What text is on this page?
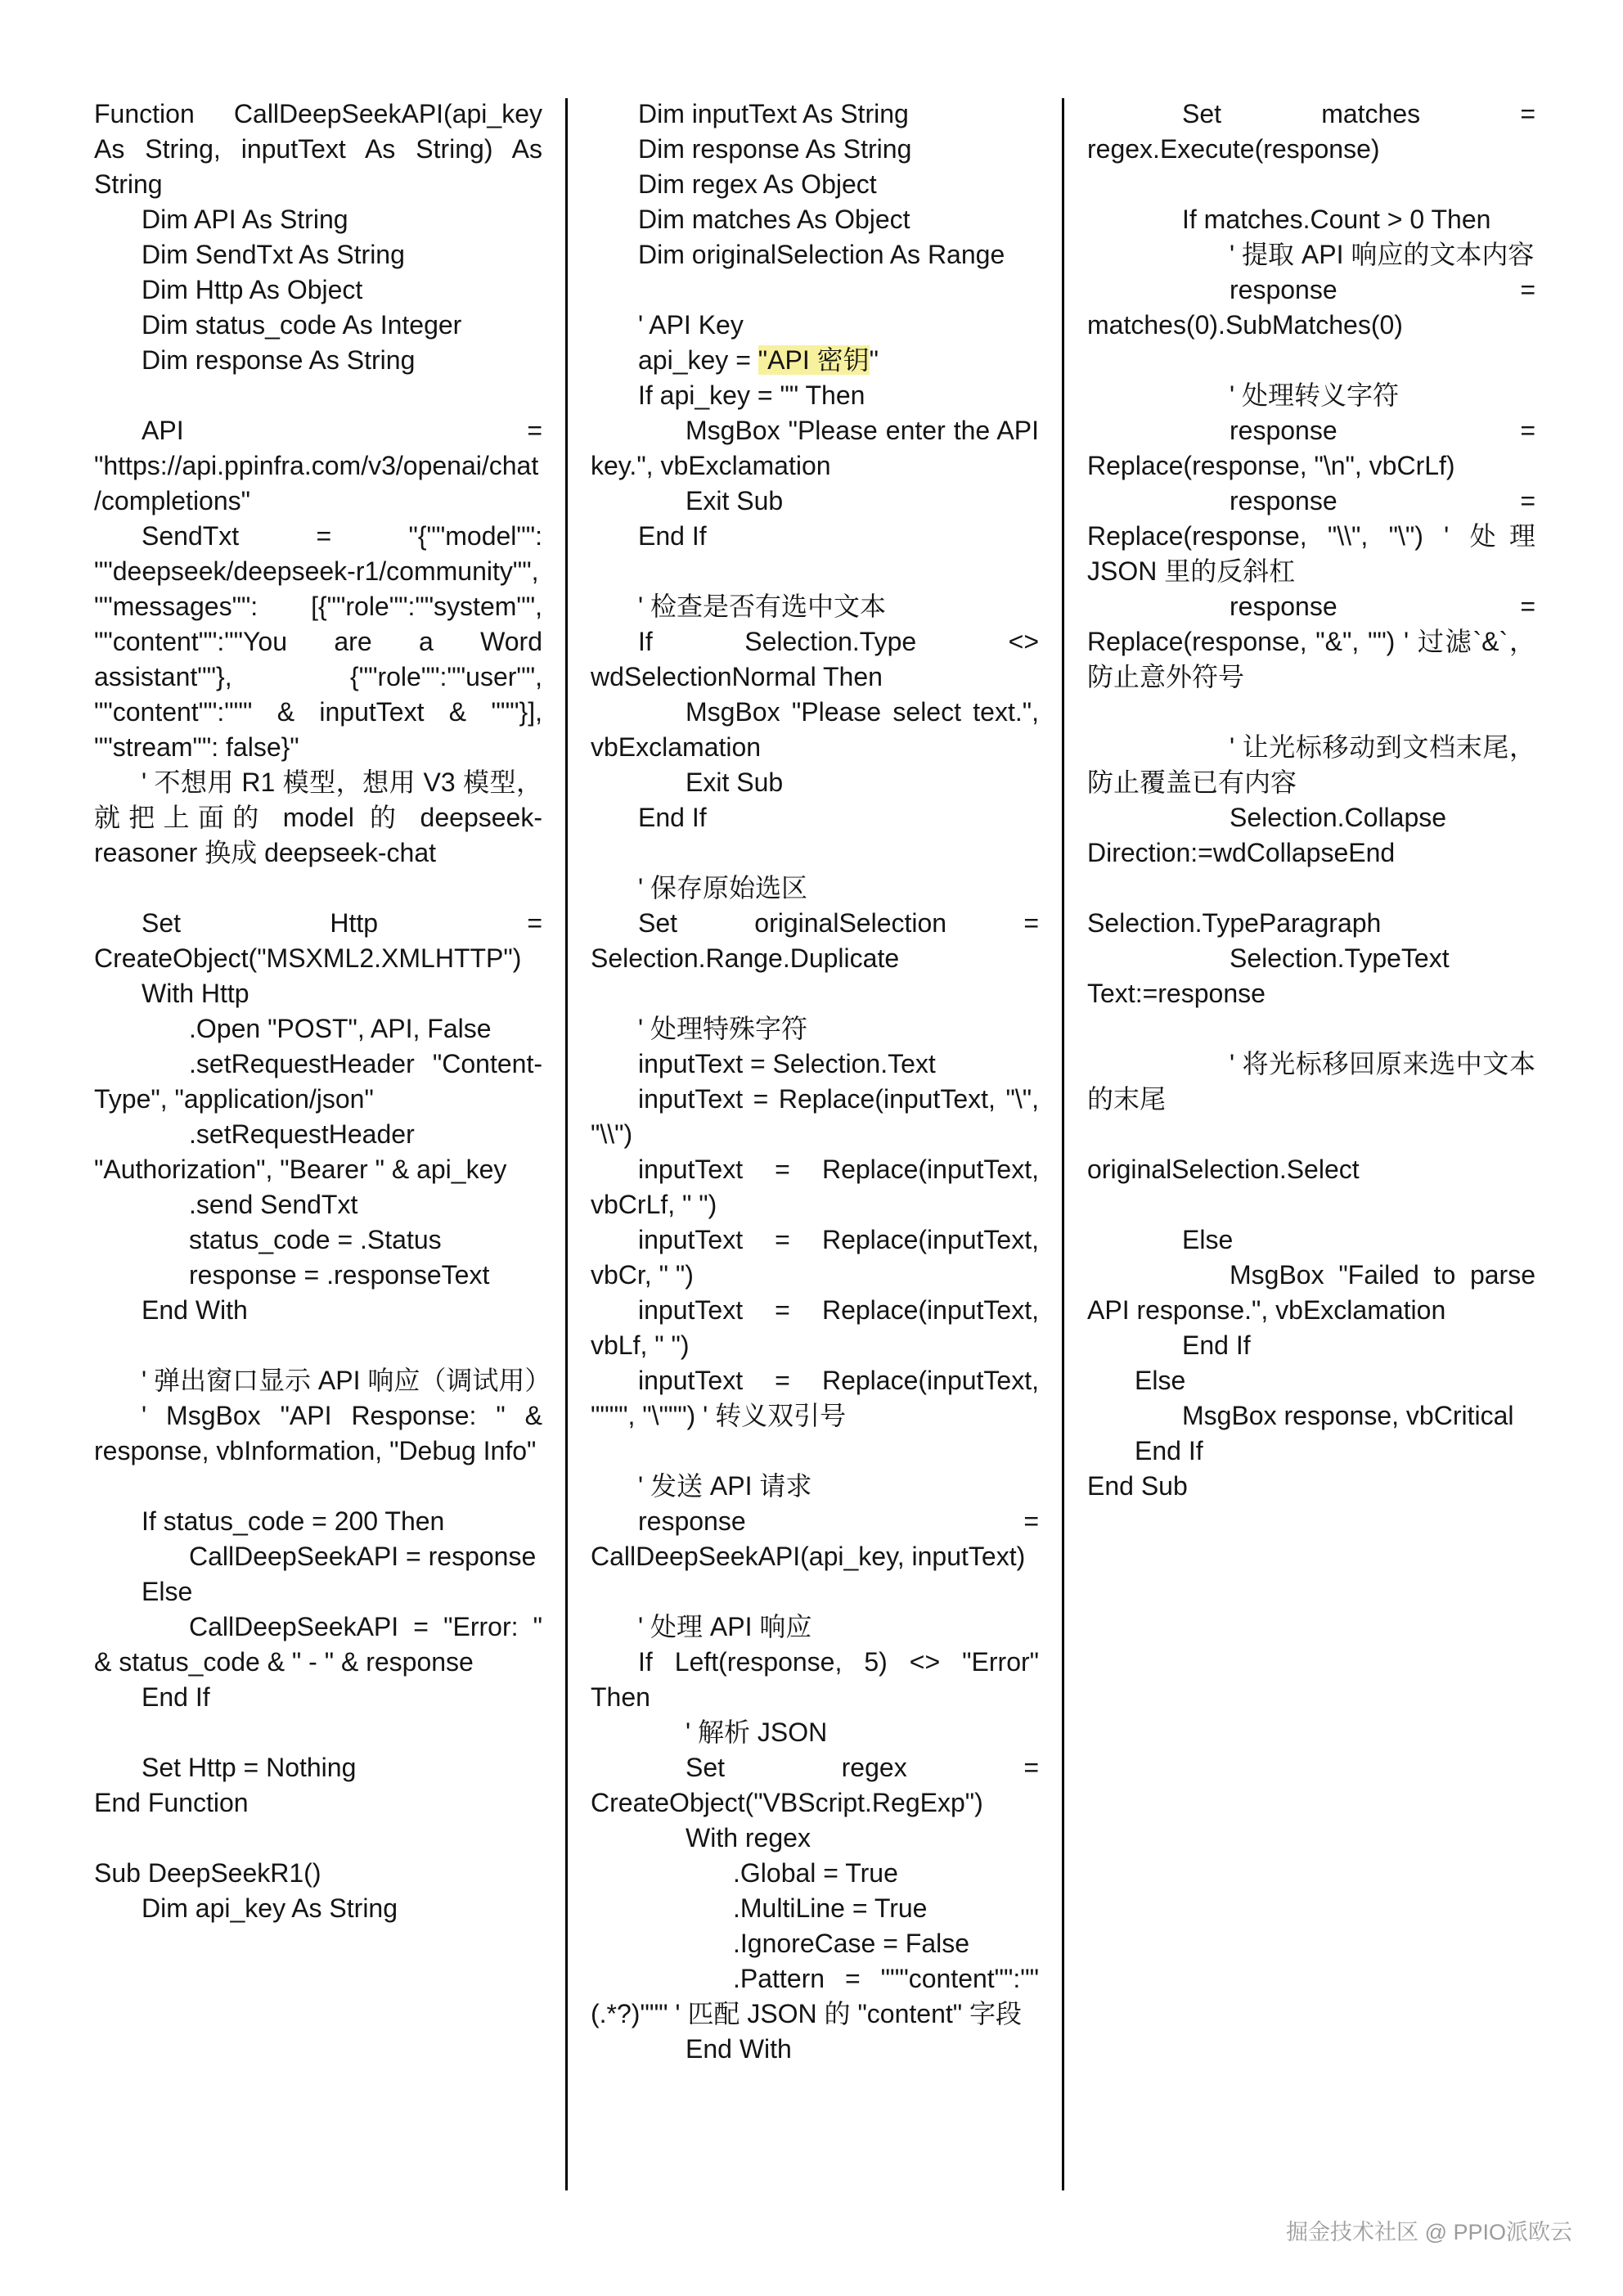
Function CallDeepSeekAPI(api_key As String, inputText As String) As String

Dim API As String

Dim SendTxt As String

Dim Http As Object

Dim status_code As Integer

Dim response As String

API = "https://api.ppinfra.com/v3/openai/chat/completions"

SendTxt = "{""model"": ""deepseek/deepseek-r1/community"", ""messages"": [{""role"":""system"", ""content"":""You are a Word assistant""}, {""role"":""user"", ""content"":""" & inputText & """}], ""stream"": false}"

' 不想用 R1 模型，想用 V3 模型，就把上面的 model 的 deepseek-reasoner 换成 deepseek-chat

Set Http = CreateObject("MSXML2.XMLHTTP")

With Http

.Open "POST", API, False

.setRequestHeader "Content-Type", "application/json"

.setRequestHeader "Authorization", "Bearer " & api_key

.send SendTxt

status_code = .Status

response = .responseText

End With

' 弹出窗口显示 API 响应（调试用）

' MsgBox "API Response: " & response, vbInformation, "Debug Info"

If status_code = 200 Then

CallDeepSeekAPI = response

Else

CallDeepSeekAPI = "Error: " & status_code & " - " & response

End If

Set Http = Nothing

End Function

Sub DeepSeekR1()

Dim api_key As String

Dim inputText As String

Dim response As String

Dim regex As Object

Dim matches As Object

Dim originalSelection As Range

' API Key

api_key = "API 密钥"

If api_key = "" Then

MsgBox "Please enter the API key.", vbExclamation

Exit Sub

End If

' 检查是否有选中文本

If Selection.Type <> wdSelectionNormal Then

MsgBox "Please select text.", vbExclamation

Exit Sub

End If

' 保存原始选区

Set originalSelection = Selection.Range.Duplicate

' 处理特殊字符

inputText = Selection.Text

inputText = Replace(inputText, "\", "\\")

inputText = Replace(inputText, vbCrLf, " ")

inputText = Replace(inputText, vbCr, " ")

inputText = Replace(inputText, vbLf, " ")

inputText = Replace(inputText, """", "\""") ' 转义双引号

' 发送 API 请求

response = CallDeepSeekAPI(api_key, inputText)

' 处理 API 响应

If Left(response, 5) <> "Error" Then

' 解析 JSON

Set regex = CreateObject("VBScript.RegExp")

With regex

.Global = True

.MultiLine = True

.IgnoreCase = False

.Pattern = """content"":""(.*?)""" ' 匹配 JSON 的 "content" 字段

End With

Set matches = regex.Execute(response)

If matches.Count > 0 Then

' 提取 API 响应的文本内容

response = matches(0).SubMatches(0)

' 处理转义字符

response = Replace(response, "\n", vbCrLf)

response = Replace(response, "\\", "\") ' 处理 JSON 里的反斜杠

response = Replace(response, "&", "") ' 过滤`&`，防止意外符号

' 让光标移动到文档末尾，防止覆盖已有内容

Selection.Collapse Direction:=wdCollapseEnd

Selection.TypeParagraph

Selection.TypeText Text:=response

' 将光标移回原来选中文本的末尾

originalSelection.Select

Else

MsgBox "Failed to parse API response.", vbExclamation

End If

Else

MsgBox response, vbCritical

End If

End Sub

掘金技术社区 @ PPIO派欧云
